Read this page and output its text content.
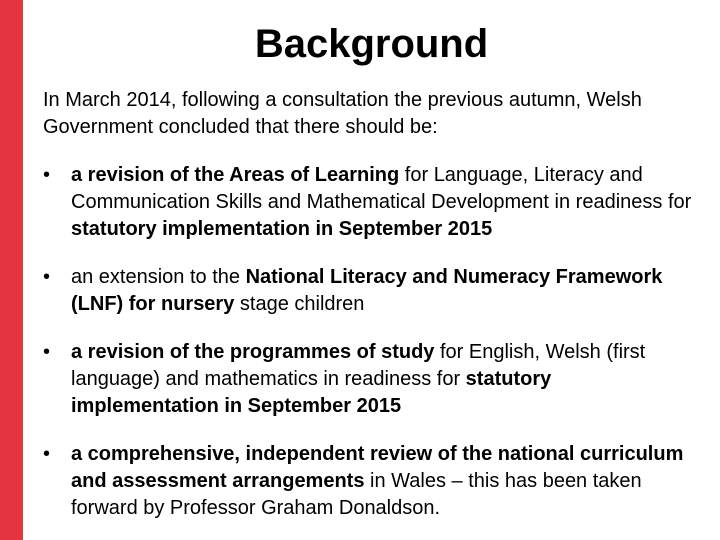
Background

In March 2014, following a consultation the previous autumn, Welsh Government concluded that there should be:

•	a revision of the Areas of Learning for Language, Literacy and Communication Skills and Mathematical Development in readiness for statutory implementation in September 2015
•	an extension to the National Literacy and Numeracy Framework (LNF) for nursery stage children
•	a revision of the programmes of study for English, Welsh (first language) and mathematics in readiness for statutory implementation in September 2015
•	a comprehensive, independent review of the national curriculum and assessment arrangements in Wales – this has been taken forward by Professor Graham Donaldson.
